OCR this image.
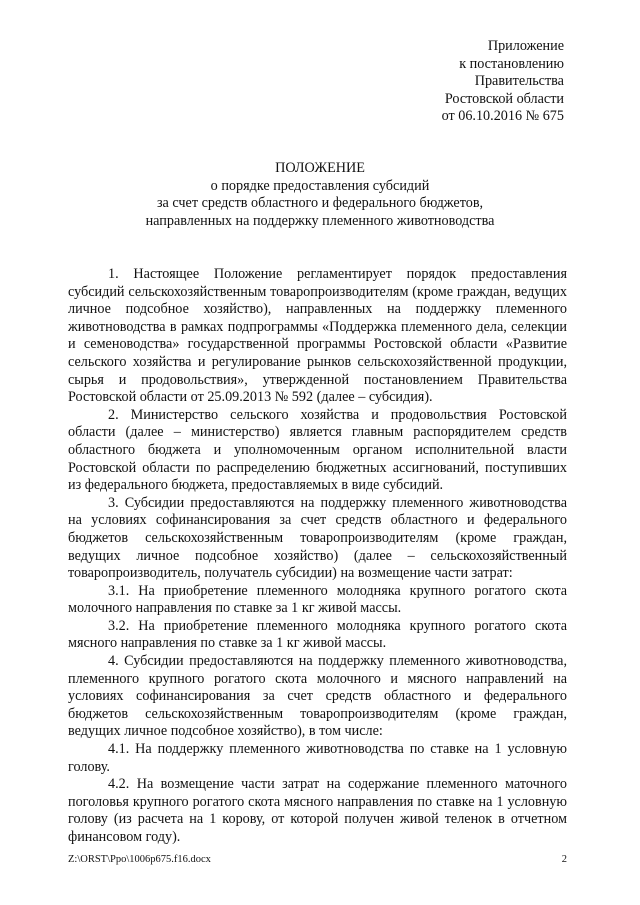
Приложение
к постановлению
Правительства
Ростовской области
от 06.10.2016 № 675
ПОЛОЖЕНИЕ
о порядке предоставления субсидий
за счет средств областного и федерального бюджетов,
направленных на поддержку племенного животноводства

1. Настоящее Положение регламентирует порядок предоставления субсидий сельскохозяйственным товаропроизводителям (кроме граждан, ведущих личное подсобное хозяйство), направленных на поддержку племенного животноводства в рамках подпрограммы «Поддержка племенного дела, селекции и семеноводства» государственной программы Ростовской области «Развитие сельского хозяйства и регулирование рынков сельскохозяйственной продукции, сырья и продовольствия», утвержденной постановлением Правительства Ростовской области от 25.09.2013 № 592 (далее – субсидия).

2. Министерство сельского хозяйства и продовольствия Ростовской области (далее – министерство) является главным распорядителем средств областного бюджета и уполномоченным органом исполнительной власти Ростовской области по распределению бюджетных ассигнований, поступивших из федерального бюджета, предоставляемых в виде субсидий.

3. Субсидии предоставляются на поддержку племенного животноводства на условиях софинансирования за счет средств областного и федерального бюджетов сельскохозяйственным товаропроизводителям (кроме граждан, ведущих личное подсобное хозяйство) (далее – сельскохозяйственный товаропроизводитель, получатель субсидии) на возмещение части затрат:

3.1. На приобретение племенного молодняка крупного рогатого скота молочного направления по ставке за 1 кг живой массы.

3.2. На приобретение племенного молодняка крупного рогатого скота мясного направления по ставке за 1 кг живой массы.

4. Субсидии предоставляются на поддержку племенного животноводства, племенного крупного рогатого скота молочного и мясного направлений на условиях софинансирования за счет средств областного и федерального бюджетов сельскохозяйственным товаропроизводителям (кроме граждан, ведущих личное подсобное хозяйство), в том числе:

4.1. На поддержку племенного животноводства по ставке на 1 условную голову.

4.2. На возмещение части затрат на содержание племенного маточного поголовья крупного рогатого скота мясного направления по ставке на 1 условную голову (из расчета на 1 корову, от которой получен живой теленок в отчетном финансовом году).

Z:\ORST\Ppo\1006p675.f16.docx	2
